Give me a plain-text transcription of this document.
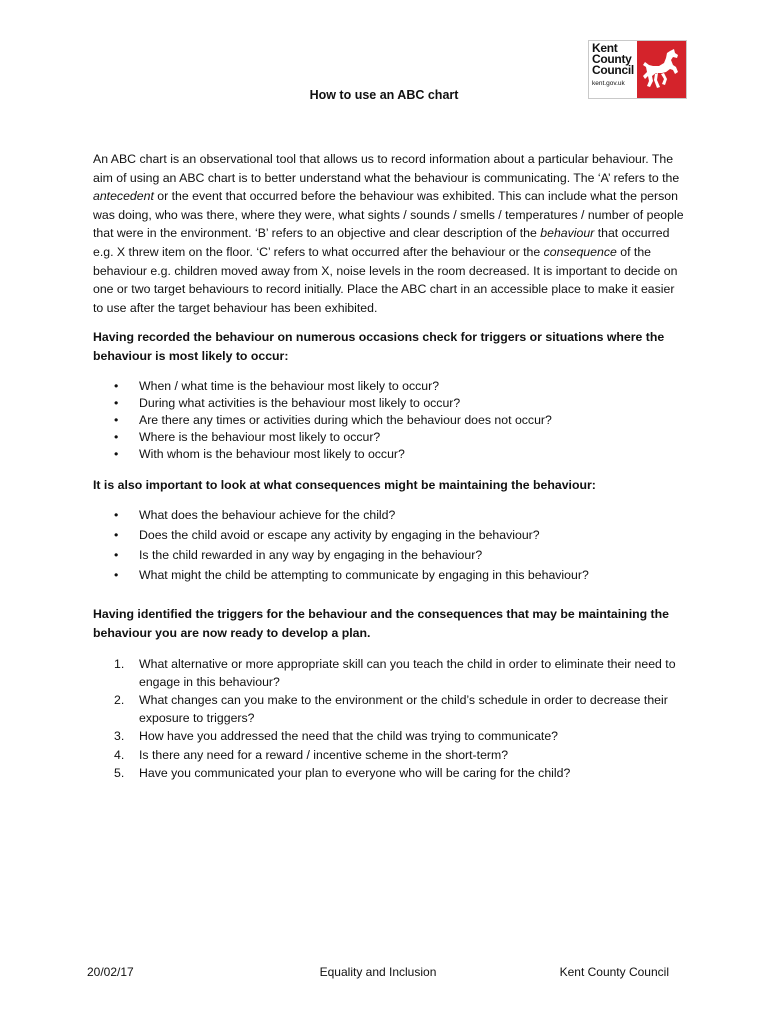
Kent
County
Council
kent.gov.uk
How to use an ABC chart

An ABC chart is an observational tool that allows us to record information about a particular behaviour. The aim of using an ABC chart is to better understand what the behaviour is communicating. The ‘A’ refers to the antecedent or the event that occurred before the behaviour was exhibited. This can include what the person was doing, who was there, where they were, what sights / sounds / smells / temperatures / number of people that were in the environment. ‘B’ refers to an objective and clear description of the behaviour that occurred e.g. X threw item on the floor. ‘C’ refers to what occurred after the behaviour or the consequence of the behaviour e.g. children moved away from X, noise levels in the room decreased. It is important to decide on one or two target behaviours to record initially. Place the ABC chart in an accessible place to make it easier to use after the target behaviour has been exhibited.

Having recorded the behaviour on numerous occasions check for triggers or situations where the behaviour is most likely to occur:

• When / what time is the behaviour most likely to occur?
• During what activities is the behaviour most likely to occur?
• Are there any times or activities during which the behaviour does not occur?
• Where is the behaviour most likely to occur?
• With whom is the behaviour most likely to occur?

It is also important to look at what consequences might be maintaining the behaviour:

• What does the behaviour achieve for the child?
• Does the child avoid or escape any activity by engaging in the behaviour?
• Is the child rewarded in any way by engaging in the behaviour?
• What might the child be attempting to communicate by engaging in this behaviour?

Having identified the triggers for the behaviour and the consequences that may be maintaining the behaviour you are now ready to develop a plan.

1. What alternative or more appropriate skill can you teach the child in order to eliminate their need to engage in this behaviour?
2. What changes can you make to the environment or the child’s schedule in order to decrease their exposure to triggers?
3. How have you addressed the need that the child was trying to communicate?
4. Is there any need for a reward / incentive scheme in the short-term?
5. Have you communicated your plan to everyone who will be caring for the child?
20/02/17	Equality and Inclusion	Kent County Council
